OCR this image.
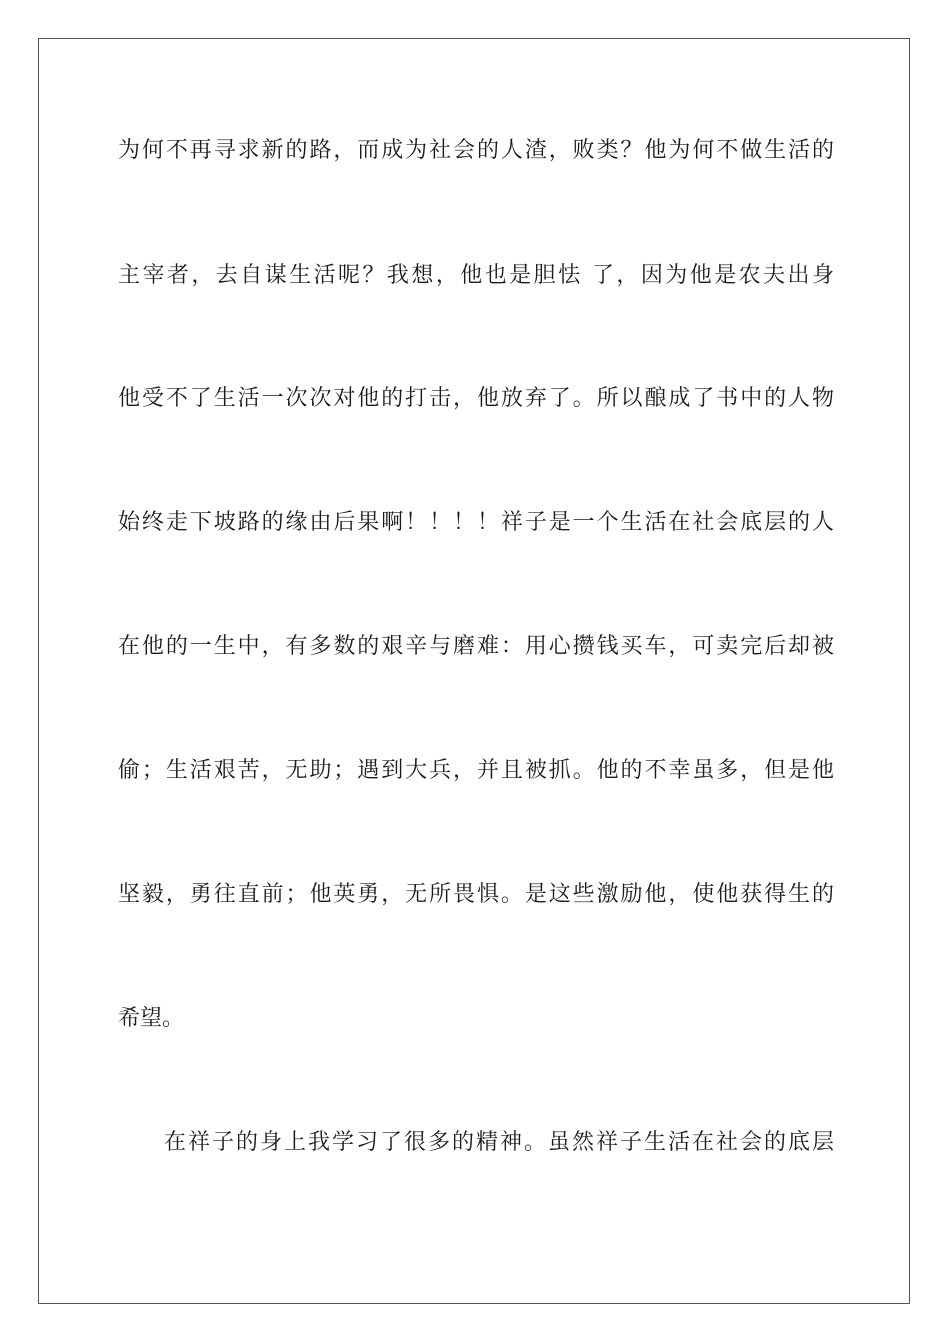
为何不再寻求新的路，而成为社会的人渣，败类？他为何不做生活的
主宰者，去自谋生活呢？我想，他也是胆怯 了，因为他是农夫出身
他受不了生活一次次对他的打击，他放弃了。所以酿成了书中的人物
始终走下坡路的缘由后果啊！！！！祥子是一个生活在社会底层的人
在他的一生中，有多数的艰辛与磨难：用心攒钱买车，可卖完后却被
偷；生活艰苦，无助；遇到大兵，并且被抓。他的不幸虽多，但是他
坚毅，勇往直前；他英勇，无所畏惧。是这些激励他，使他获得生的
希望。
在祥子的身上我学习了很多的精神。虽然祥子生活在社会的底层
